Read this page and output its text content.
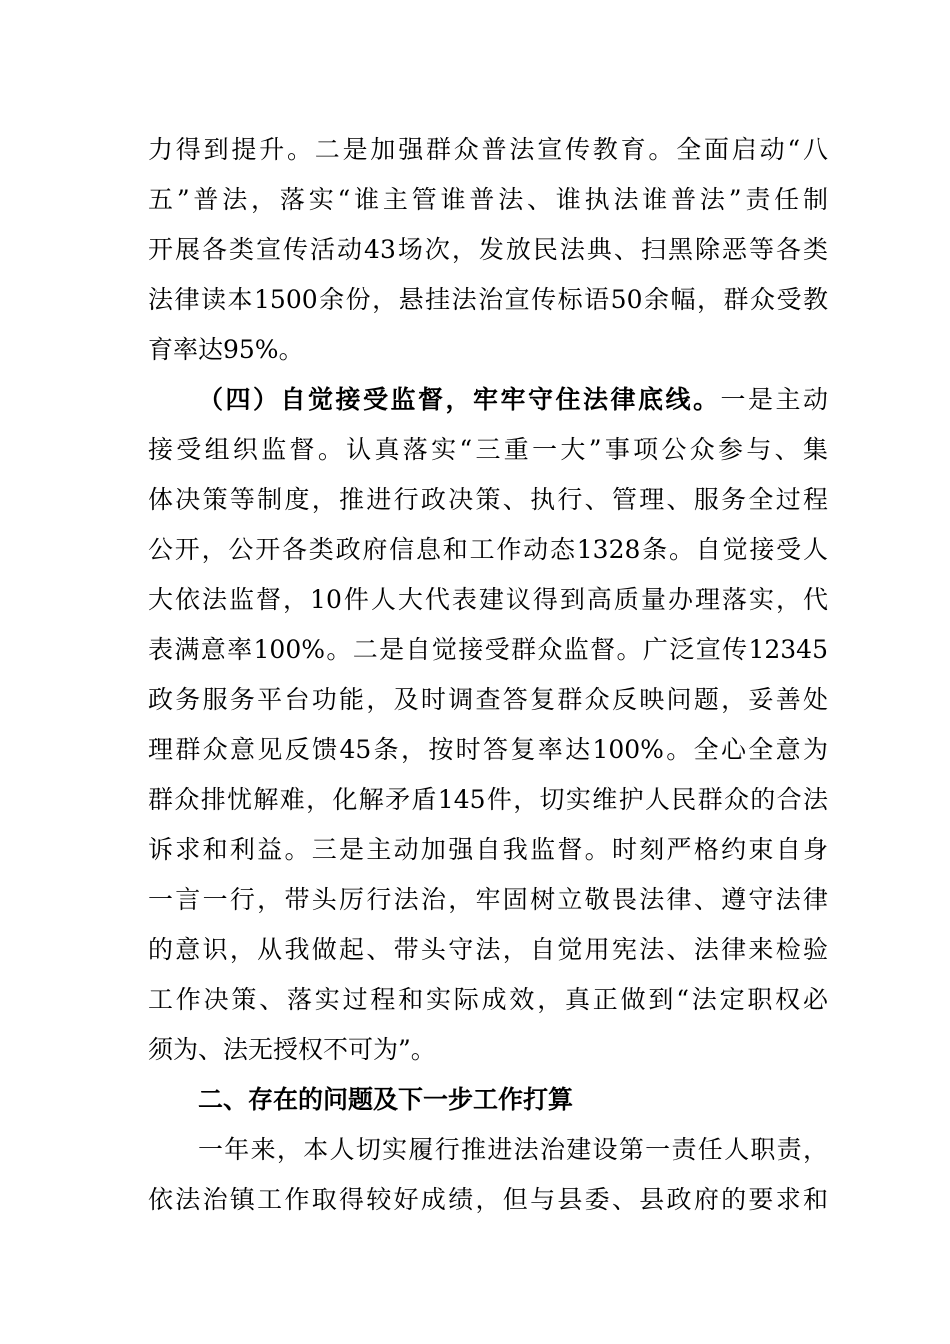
力得到提升。二是加强群众普法宣传教育。全面启动“八
五”普法，落实“谁主管谁普法、谁执法谁普法”责任制
开展各类宣传活动43场次，发放民法典、扫黑除恶等各类
法律读本1500余份，悬挂法治宣传标语50余幅，群众受教
育率达95%。
（四）自觉接受监督，牢牢守住法律底线。一是主动
接受组织监督。认真落实“三重一大”事项公众参与、集
体决策等制度，推进行政决策、执行、管理、服务全过程
公开，公开各类政府信息和工作动态1328条。自觉接受人
大依法监督，10件人大代表建议得到高质量办理落实，代
表满意率100%。二是自觉接受群众监督。广泛宣传12345
政务服务平台功能，及时调查答复群众反映问题，妥善处
理群众意见反馈45条，按时答复率达100%。全心全意为
群众排忧解难，化解矛盾145件，切实维护人民群众的合法
诉求和利益。三是主动加强自我监督。时刻严格约束自身
一言一行，带头厉行法治，牢固树立敬畏法律、遵守法律
的意识，从我做起、带头守法，自觉用宪法、法律来检验
工作决策、落实过程和实际成效，真正做到“法定职权必
须为、法无授权不可为”。
二、存在的问题及下一步工作打算
一年来，本人切实履行推进法治建设第一责任人职责，
依法治镇工作取得较好成绩，但与县委、县政府的要求和
